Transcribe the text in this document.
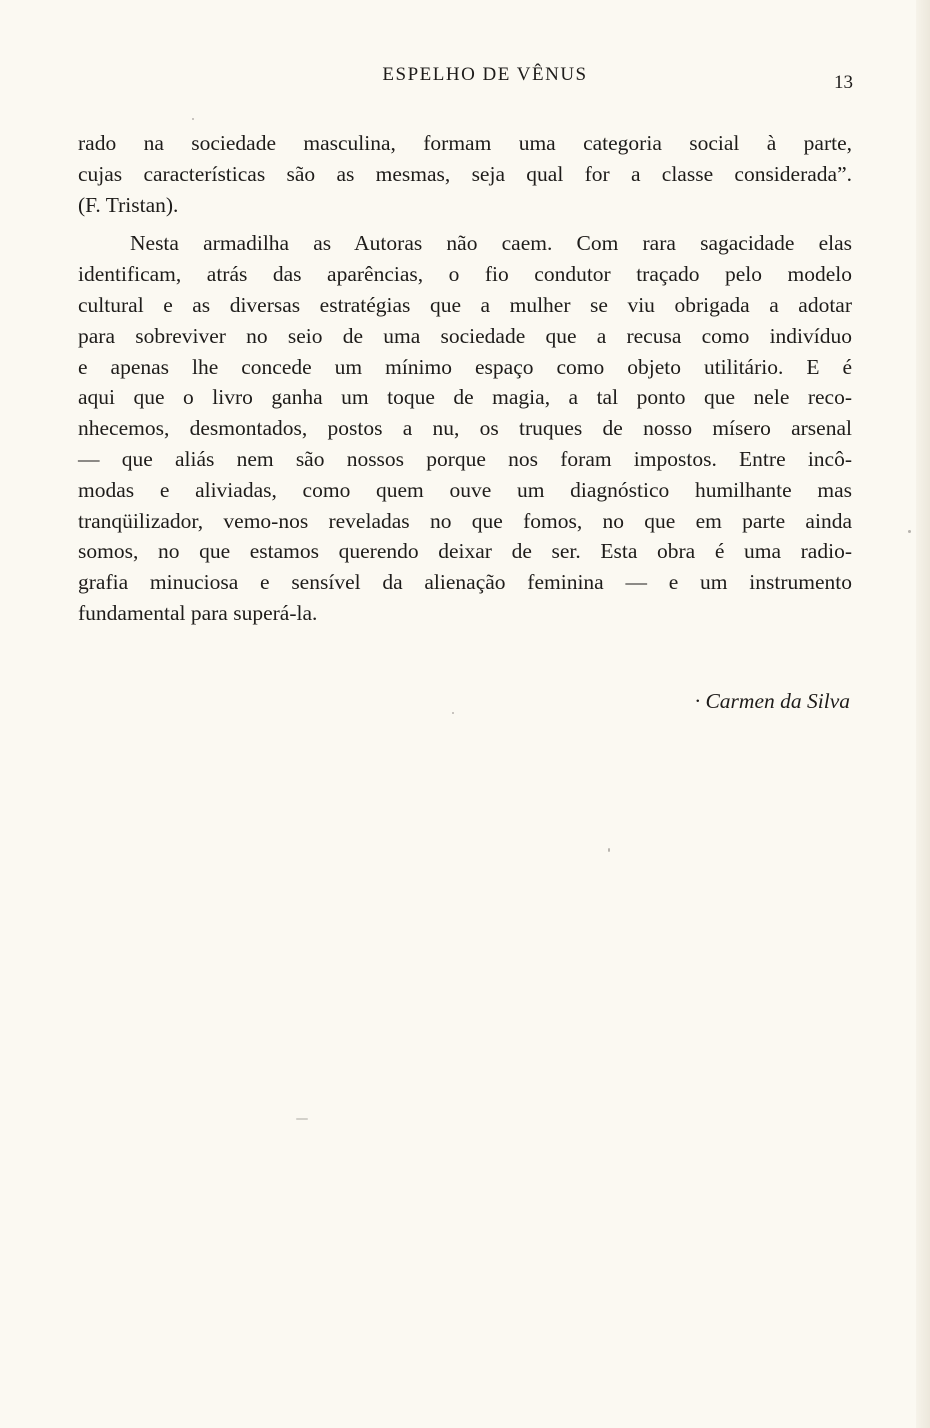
ESPELHO DE VÊNUS	13
rado na sociedade masculina, formam uma categoria social à parte,
cujas características são as mesmas, seja qual for a classe considerada”.
(F. Tristan).
Nesta armadilha as Autoras não caem. Com rara sagacidade elas
identificam, atrás das aparências, o fio condutor traçado pelo modelo
cultural e as diversas estratégias que a mulher se viu obrigada a adotar
para sobreviver no seio de uma sociedade que a recusa como indivíduo
e apenas lhe concede um mínimo espaço como objeto utilitário. E é
aqui que o livro ganha um toque de magia, a tal ponto que nele reco-
nhecemos, desmontados, postos a nu, os truques de nosso mísero arsenal
— que aliás nem são nossos porque nos foram impostos. Entre incô-
modas e aliviadas, como quem ouve um diagnóstico humilhante mas
tranqüilizador, vemo-nos reveladas no que fomos, no que em parte ainda
somos, no que estamos querendo deixar de ser. Esta obra é uma radio-
grafia minuciosa e sensível da alienação feminina — e um instrumento
fundamental para superá-la.
· Carmen da Silva
